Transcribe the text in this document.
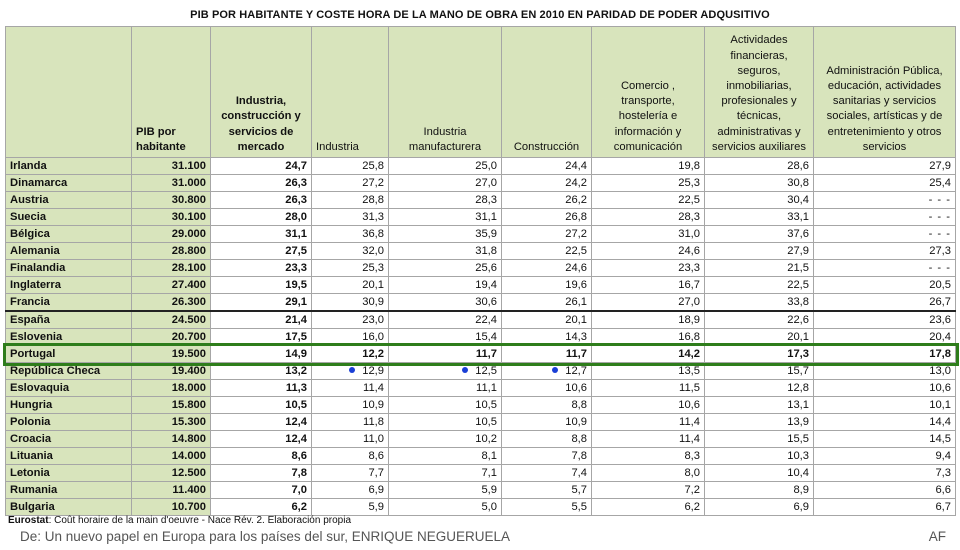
PIB POR HABITANTE Y COSTE HORA DE LA MANO DE OBRA EN 2010 EN PARIDAD DE PODER ADQUSITIVO
	PIB por habitante	Industria, construcción y servicios de mercado	Industria	Industria manufacturera	Construcción	Comercio , transporte, hostelería e información y comunicación	Actividades financieras, seguros, inmobiliarias, profesionales y técnicas, administrativas y servicios auxiliares	Administración Pública, educación, actividades sanitarias y servicios sociales, artísticas y de entretenimiento y otros servicios
Irlanda	31.100	24,7	25,8	25,0	24,4	19,8	28,6	27,9
Dinamarca	31.000	26,3	27,2	27,0	24,2	25,3	30,8	25,4
Austria	30.800	26,3	28,8	28,3	26,2	22,5	30,4	- - -
Suecia	30.100	28,0	31,3	31,1	26,8	28,3	33,1	- - -
Bélgica	29.000	31,1	36,8	35,9	27,2	31,0	37,6	- - -
Alemania	28.800	27,5	32,0	31,8	22,5	24,6	27,9	27,3
Finalandia	28.100	23,3	25,3	25,6	24,6	23,3	21,5	- - -
Inglaterra	27.400	19,5	20,1	19,4	19,6	16,7	22,5	20,5
Francia	26.300	29,1	30,9	30,6	26,1	27,0	33,8	26,7
España	24.500	21,4	23,0	22,4	20,1	18,9	22,6	23,6
Eslovenia	20.700	17,5	16,0	15,4	14,3	16,8	20,1	20,4
Portugal	19.500	14,9	12,2	11,7	11,7	14,2	17,3	17,8
República Checa	19.400	13,2	12,9	12,5	12,7	13,5	15,7	13,0
Eslovaquia	18.000	11,3	11,4	11,1	10,6	11,5	12,8	10,6
Hungria	15.800	10,5	10,9	10,5	8,8	10,6	13,1	10,1
Polonia	15.300	12,4	11,8	10,5	10,9	11,4	13,9	14,4
Croacia	14.800	12,4	11,0	10,2	8,8	11,4	15,5	14,5
Lituania	14.000	8,6	8,6	8,1	7,8	8,3	10,3	9,4
Letonia	12.500	7,8	7,7	7,1	7,4	8,0	10,4	7,3
Rumania	11.400	7,0	6,9	5,9	5,7	7,2	8,9	6,6
Bulgaria	10.700	6,2	5,9	5,0	5,5	6,2	6,9	6,7
Eurostat: Coût horaire de la main d'oeuvre - Nace Rév. 2. Elaboración propia
De: Un nuevo papel en Europa para los países del sur, ENRIQUE NEGUERUELA	AF
